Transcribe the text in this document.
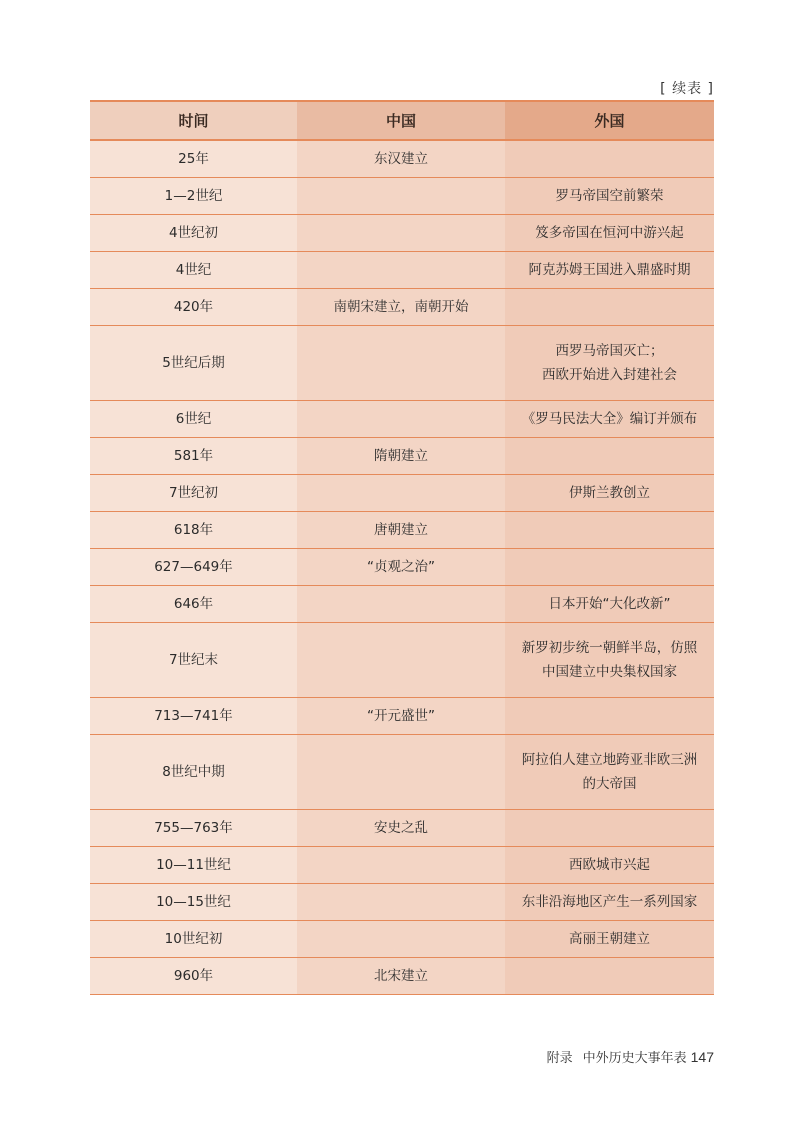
[ 续表 ]
时间	中国	外国
25年	东汉建立	
1—2世纪		罗马帝国空前繁荣
4世纪初		笈多帝国在恒河中游兴起
4世纪		阿克苏姆王国进入鼎盛时期
420年	南朝宋建立，南朝开始	
5世纪后期		西罗马帝国灭亡；
西欧开始进入封建社会
6世纪		《罗马民法大全》编订并颁布
581年	隋朝建立	
7世纪初		伊斯兰教创立
618年	唐朝建立	
627—649年	“贞观之治”	
646年		日本开始“大化改新”
7世纪末		新罗初步统一朝鲜半岛，仿照
中国建立中央集权国家
713—741年	“开元盛世”	
8世纪中期		阿拉伯人建立地跨亚非欧三洲
的大帝国
755—763年	安史之乱	
10—11世纪		西欧城市兴起
10—15世纪		东非沿海地区产生一系列国家
10世纪初		高丽王朝建立
960年	北宋建立	
附录 中外历史大事年表 147
